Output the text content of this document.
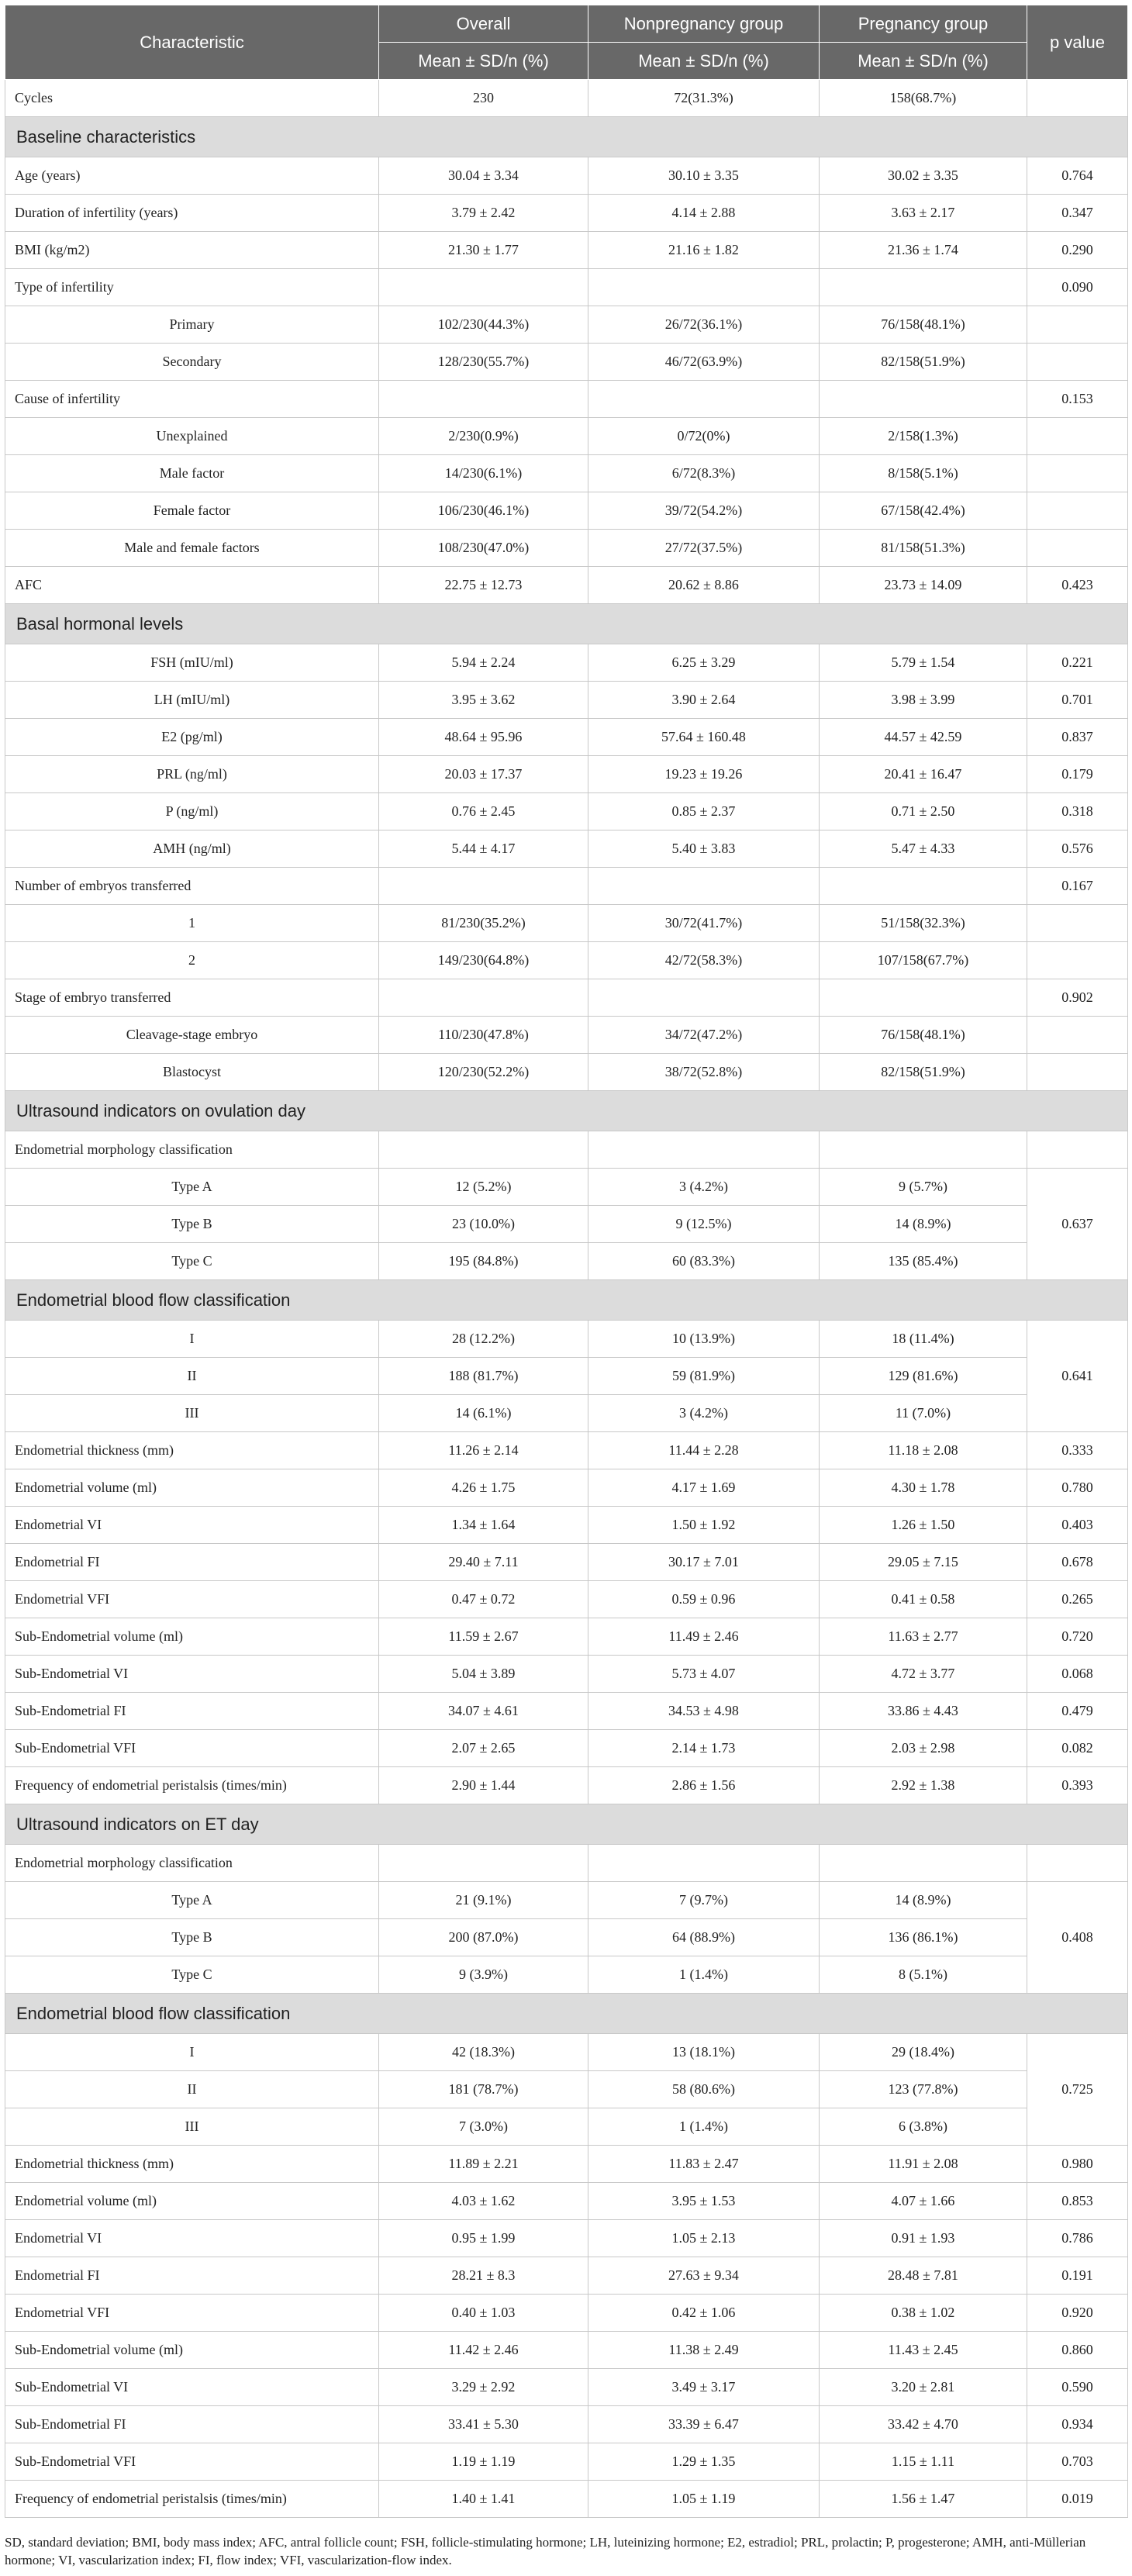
Characteristic	Overall	Nonpregnancy group	Pregnancy group	p value
	Mean ± SD/n (%)	Mean ± SD/n (%)	Mean ± SD/n (%)	
Cycles	230	72(31.3%)	158(68.7%)	
Baseline characteristics				
Age (years)	30.04 ± 3.34	30.10 ± 3.35	30.02 ± 3.35	0.764
Duration of infertility (years)	3.79 ± 2.42	4.14 ± 2.88	3.63 ± 2.17	0.347
BMI (kg/m2)	21.30 ± 1.77	21.16 ± 1.82	21.36 ± 1.74	0.290
Type of infertility				0.090
Primary	102/230(44.3%)	26/72(36.1%)	76/158(48.1%)	
Secondary	128/230(55.7%)	46/72(63.9%)	82/158(51.9%)	
Cause of infertility				0.153
Unexplained	2/230(0.9%)	0/72(0%)	2/158(1.3%)	
Male factor	14/230(6.1%)	6/72(8.3%)	8/158(5.1%)	
Female factor	106/230(46.1%)	39/72(54.2%)	67/158(42.4%)	
Male and female factors	108/230(47.0%)	27/72(37.5%)	81/158(51.3%)	
AFC	22.75 ± 12.73	20.62 ± 8.86	23.73 ± 14.09	0.423
Basal hormonal levels				
FSH (mIU/ml)	5.94 ± 2.24	6.25 ± 3.29	5.79 ± 1.54	0.221
LH (mIU/ml)	3.95 ± 3.62	3.90 ± 2.64	3.98 ± 3.99	0.701
E2 (pg/ml)	48.64 ± 95.96	57.64 ± 160.48	44.57 ± 42.59	0.837
PRL (ng/ml)	20.03 ± 17.37	19.23 ± 19.26	20.41 ± 16.47	0.179
P (ng/ml)	0.76 ± 2.45	0.85 ± 2.37	0.71 ± 2.50	0.318
AMH (ng/ml)	5.44 ± 4.17	5.40 ± 3.83	5.47 ± 4.33	0.576
Number of embryos transferred				0.167
1	81/230(35.2%)	30/72(41.7%)	51/158(32.3%)	
2	149/230(64.8%)	42/72(58.3%)	107/158(67.7%)	
Stage of embryo transferred				0.902
Cleavage-stage embryo	110/230(47.8%)	34/72(47.2%)	76/158(48.1%)	
Blastocyst	120/230(52.2%)	38/72(52.8%)	82/158(51.9%)	
Ultrasound indicators on ovulation day				
Endometrial morphology classification				
Type A	12 (5.2%)	3 (4.2%)	9 (5.7%)	0.637
Type B	23 (10.0%)	9 (12.5%)	14 (8.9%)	
Type C	195 (84.8%)	60 (83.3%)	135 (85.4%)	
Endometrial blood flow classification				
I	28 (12.2%)	10 (13.9%)	18 (11.4%)	0.641
II	188 (81.7%)	59 (81.9%)	129 (81.6%)	
III	14 (6.1%)	3 (4.2%)	11 (7.0%)	
Endometrial thickness (mm)	11.26 ± 2.14	11.44 ± 2.28	11.18 ± 2.08	0.333
Endometrial volume (ml)	4.26 ± 1.75	4.17 ± 1.69	4.30 ± 1.78	0.780
Endometrial VI	1.34 ± 1.64	1.50 ± 1.92	1.26 ± 1.50	0.403
Endometrial FI	29.40 ± 7.11	30.17 ± 7.01	29.05 ± 7.15	0.678
Endometrial VFI	0.47 ± 0.72	0.59 ± 0.96	0.41 ± 0.58	0.265
Sub-Endometrial volume (ml)	11.59 ± 2.67	11.49 ± 2.46	11.63 ± 2.77	0.720
Sub-Endometrial VI	5.04 ± 3.89	5.73 ± 4.07	4.72 ± 3.77	0.068
Sub-Endometrial FI	34.07 ± 4.61	34.53 ± 4.98	33.86 ± 4.43	0.479
Sub-Endometrial VFI	2.07 ± 2.65	2.14 ± 1.73	2.03 ± 2.98	0.082
Frequency of endometrial peristalsis (times/min)	2.90 ± 1.44	2.86 ± 1.56	2.92 ± 1.38	0.393
Ultrasound indicators on ET day				
Endometrial morphology classification				
Type A	21 (9.1%)	7 (9.7%)	14 (8.9%)	0.408
Type B	200 (87.0%)	64 (88.9%)	136 (86.1%)	
Type C	9 (3.9%)	1 (1.4%)	8 (5.1%)	
Endometrial blood flow classification				
I	42 (18.3%)	13 (18.1%)	29 (18.4%)	0.725
II	181 (78.7%)	58 (80.6%)	123 (77.8%)	
III	7 (3.0%)	1 (1.4%)	6 (3.8%)	
Endometrial thickness (mm)	11.89 ± 2.21	11.83 ± 2.47	11.91 ± 2.08	0.980
Endometrial volume (ml)	4.03 ± 1.62	3.95 ± 1.53	4.07 ± 1.66	0.853
Endometrial VI	0.95 ± 1.99	1.05 ± 2.13	0.91 ± 1.93	0.786
Endometrial FI	28.21 ± 8.3	27.63 ± 9.34	28.48 ± 7.81	0.191
Endometrial VFI	0.40 ± 1.03	0.42 ± 1.06	0.38 ± 1.02	0.920
Sub-Endometrial volume (ml)	11.42 ± 2.46	11.38 ± 2.49	11.43 ± 2.45	0.860
Sub-Endometrial VI	3.29 ± 2.92	3.49 ± 3.17	3.20 ± 2.81	0.590
Sub-Endometrial FI	33.41 ± 5.30	33.39 ± 6.47	33.42 ± 4.70	0.934
Sub-Endometrial VFI	1.19 ± 1.19	1.29 ± 1.35	1.15 ± 1.11	0.703
Frequency of endometrial peristalsis (times/min)	1.40 ± 1.41	1.05 ± 1.19	1.56 ± 1.47	0.019
SD, standard deviation; BMI, body mass index; AFC, antral follicle count; FSH, follicle-stimulating hormone; LH, luteinizing hormone; E2, estradiol; PRL, prolactin; P, progesterone; AMH, anti-Müllerian hormone; VI, vascularization index; FI, flow index; VFI, vascularization-flow index.
